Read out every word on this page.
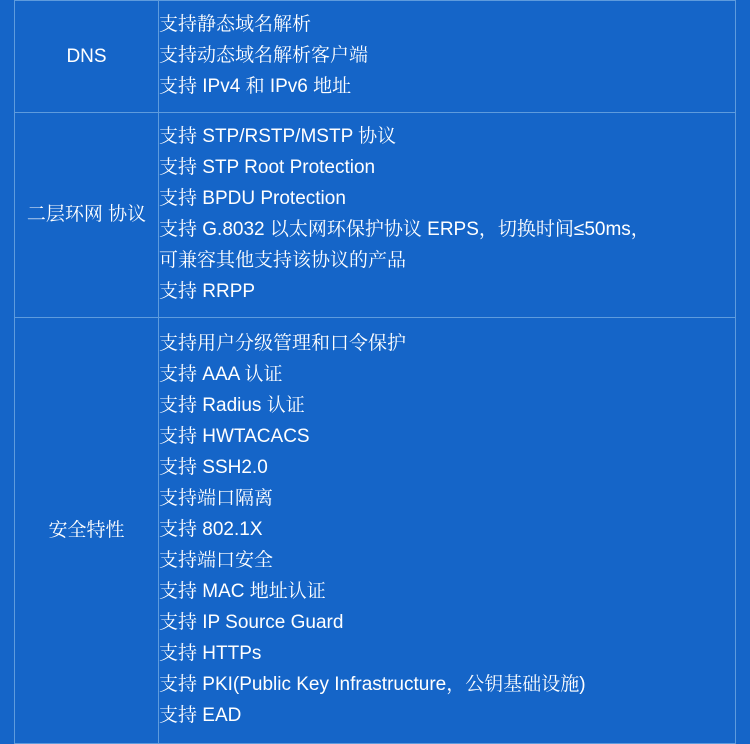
DNS	支持静态域名解析
支持动态域名解析客户端
支持 IPv4 和 IPv6 地址

二层环网 协议	
支持 STP/RSTP/MSTP 协议
支持 STP Root Protection
支持 BPDU Protection
支持 G.8032 以太网环保护协议 ERPS，切换时间≤50ms，
可兼容其他支持该协议的产品
支持 RRPP

安全特性	
支持用户分级管理和口令保护
支持 AAA 认证
支持 Radius 认证
支持 HWTACACS
支持 SSH2.0
支持端口隔离
支持 802.1X
支持端口安全
支持 MAC 地址认证
支持 IP Source Guard
支持 HTTPs
支持 PKI(Public Key Infrastructure，公钥基础设施)
支持 EAD
